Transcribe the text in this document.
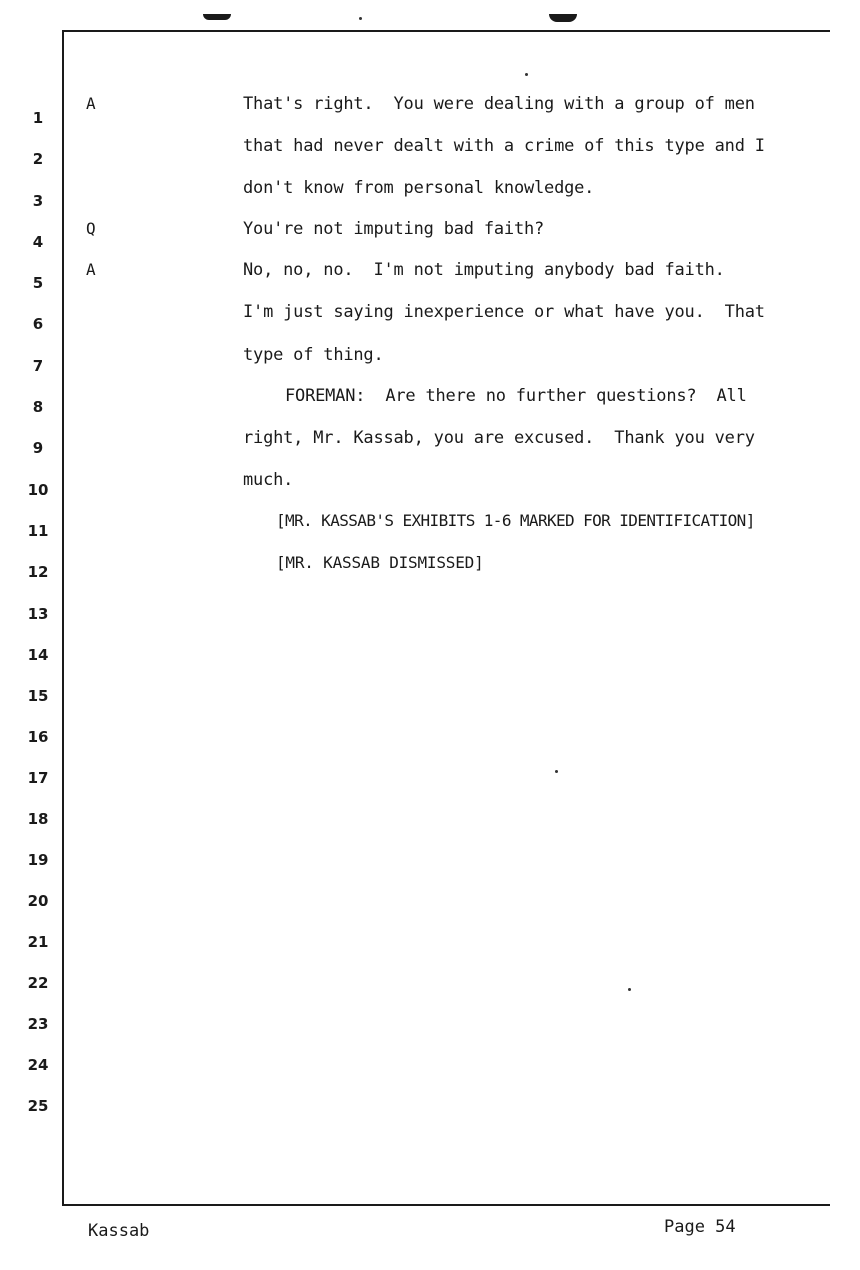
1
2
3
4
5
6
7
8
9
10
11
12
13
14
15
16
17
18
19
20
21
22
23
24
25
A
Q
A
That's right.  You were dealing with a group of men
that had never dealt with a crime of this type and I
don't know from personal knowledge.
You're not imputing bad faith?
No, no, no.  I'm not imputing anybody bad faith.
I'm just saying inexperience or what have you.  That
type of thing.
FOREMAN:  Are there no further questions?  All
right, Mr. Kassab, you are excused.  Thank you very
much.
[MR. KASSAB'S EXHIBITS 1-6 MARKED FOR IDENTIFICATION]
[MR. KASSAB DISMISSED]
Kassab	Page 54
